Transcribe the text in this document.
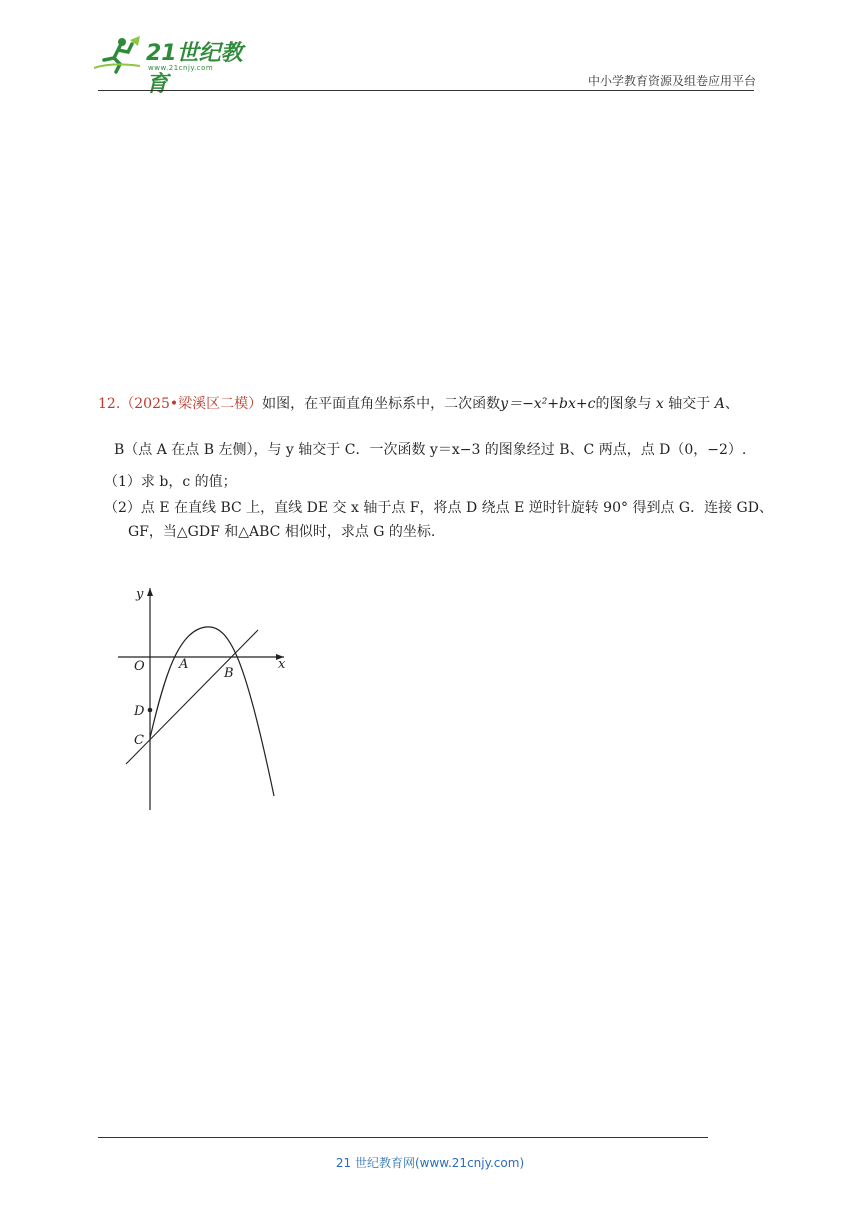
21世纪教育
www.21cnjy.com
中小学教育资源及组卷应用平台
12.（2025•梁溪区二模）如图，在平面直角坐标系中，二次函数y＝−x²+bx+c的图象与 x 轴交于 A、
B（点 A 在点 B 左侧），与 y 轴交于 C．一次函数 y＝x−3 的图象经过 B、C 两点，点 D（0，−2）.
（1）求 b，c 的值；
（2）点 E 在直线 BC 上，直线 DE 交 x 轴于点 F，将点 D 绕点 E 逆时针旋转 90° 得到点 G．连接 GD、
GF，当△GDF 和△ABC 相似时，求点 G 的坐标.
y
x
O	A
B
D
C
21 世纪教育网(www.21cnjy.com)
